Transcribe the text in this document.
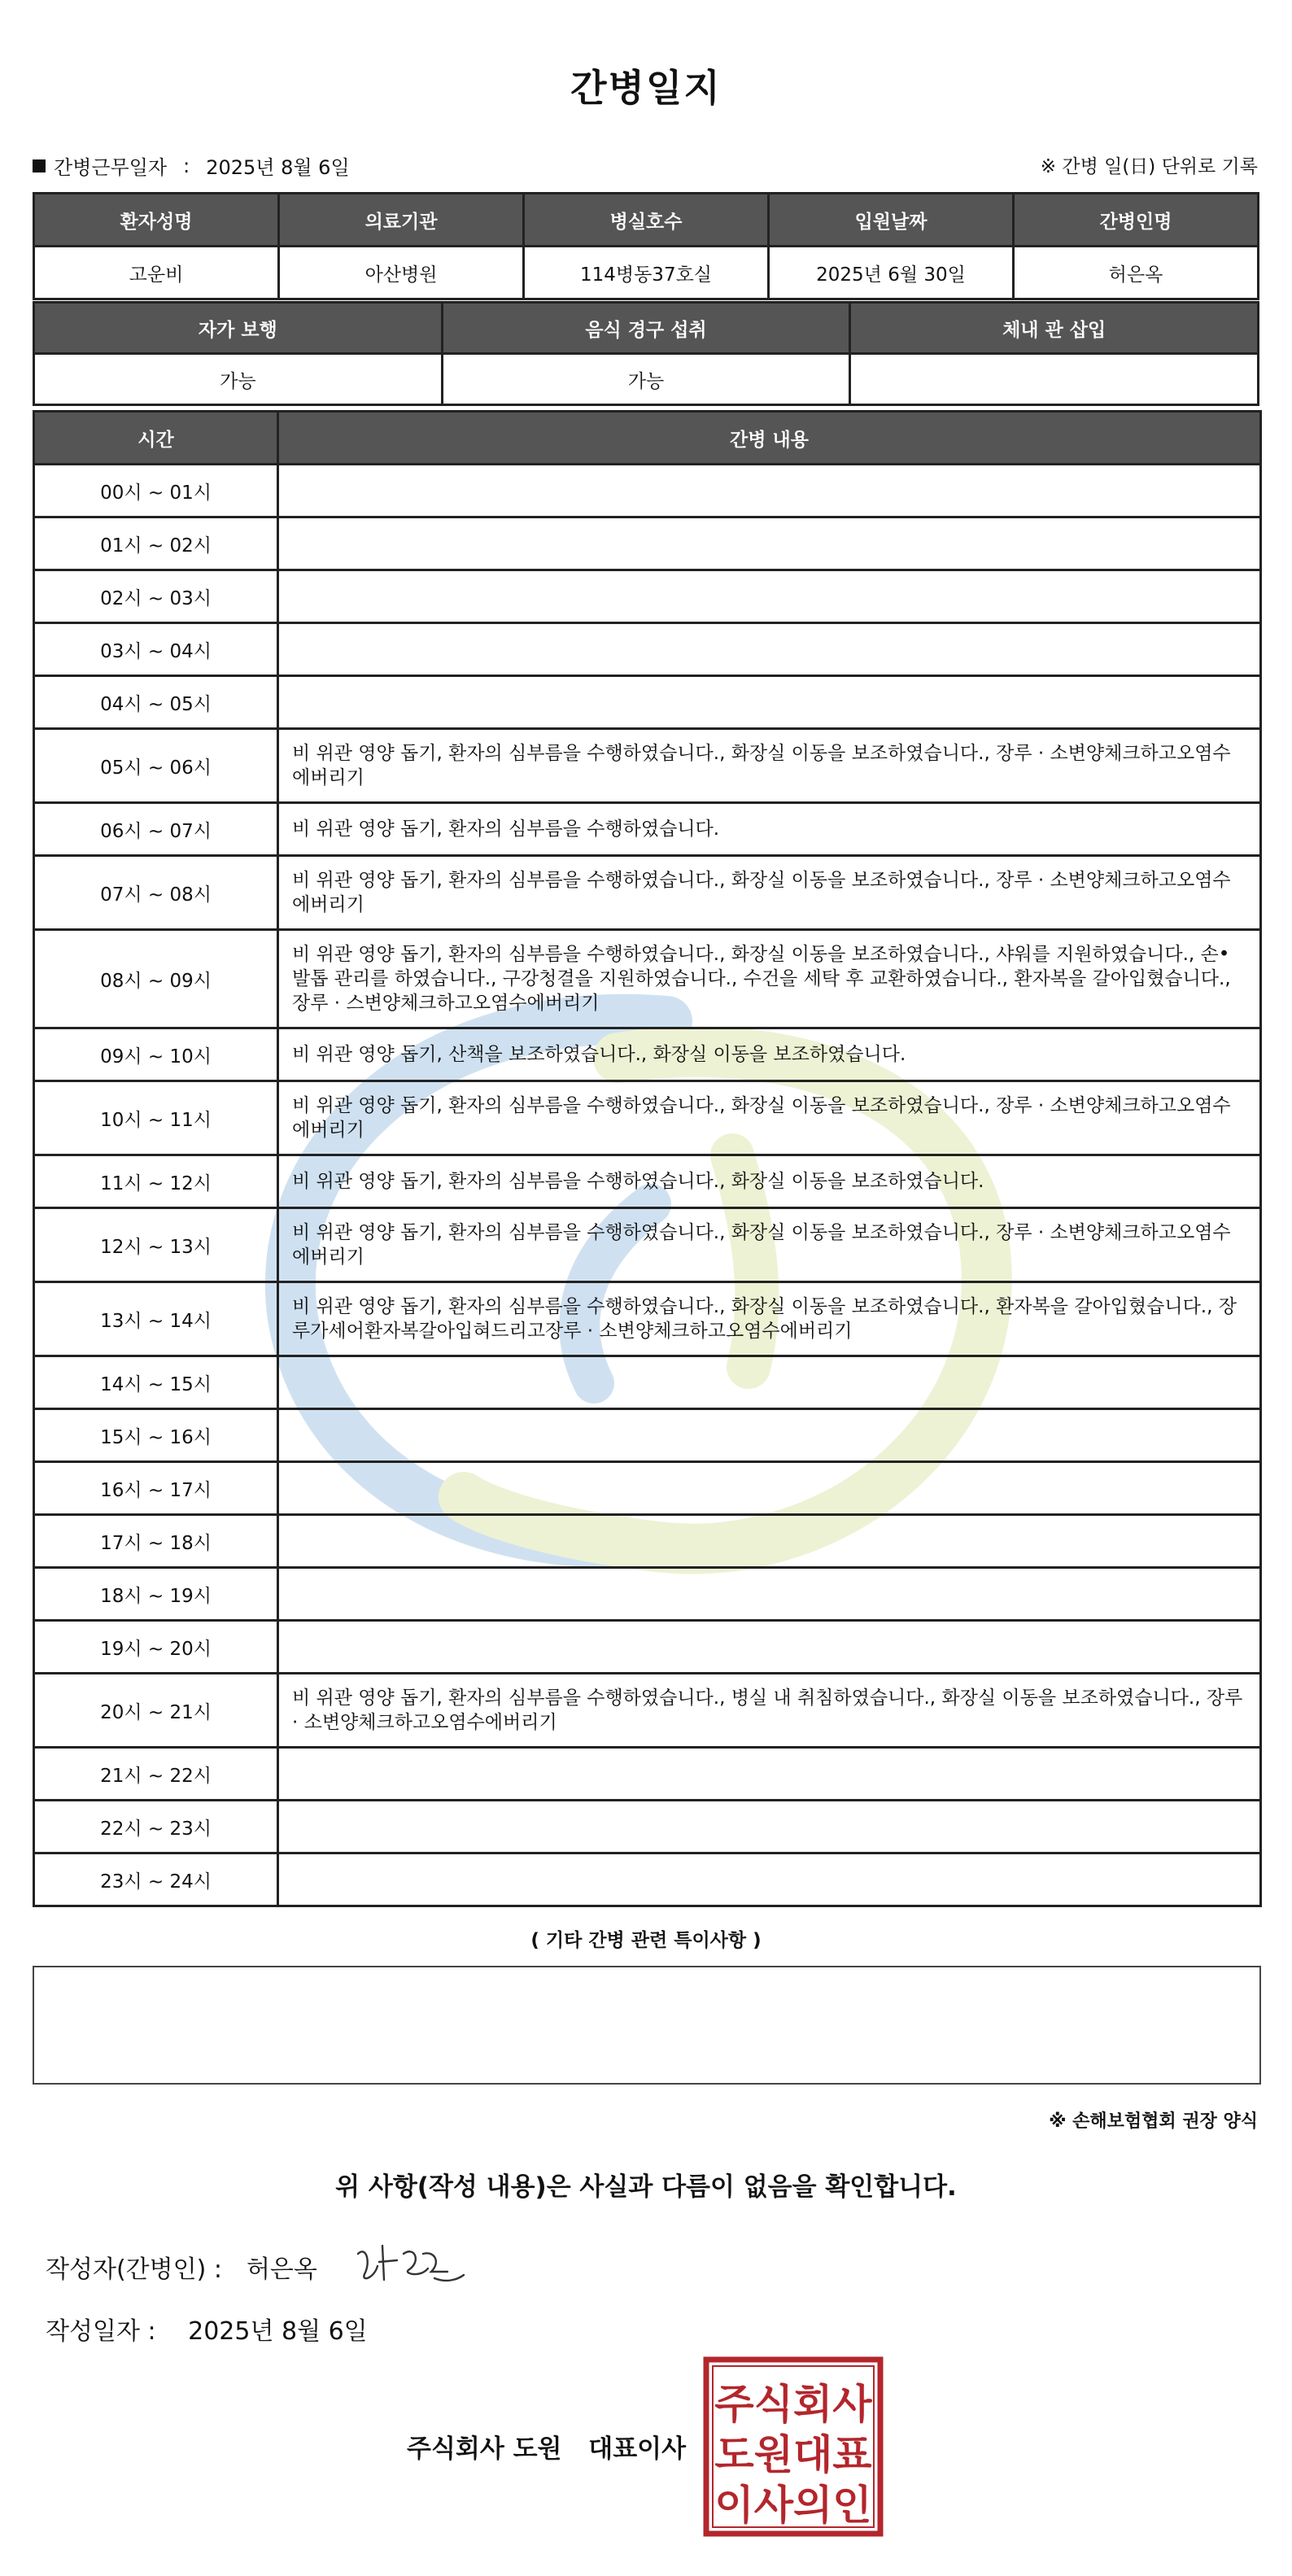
간병일지
간병근무일자 : 2025년 8월 6일	※ 간병 일(日) 단위로 기록
환자성명	의료기관	병실호수	입원날짜	간병인명
고운비	아산병원	114병동37호실	2025년 6월 30일	허은옥
자가 보행	음식 경구 섭취	체내 관 삽입
가능	가능	
시간	간병 내용
00시 ~ 01시	
01시 ~ 02시	
02시 ~ 03시	
03시 ~ 04시	
04시 ~ 05시	
05시 ~ 06시	비 위관 영양 돕기, 환자의 심부름을 수행하였습니다., 화장실 이동을 보조하였습니다., 장루 · 소변양체크하고오염수에버리기
06시 ~ 07시	비 위관 영양 돕기, 환자의 심부름을 수행하였습니다.
07시 ~ 08시	비 위관 영양 돕기, 환자의 심부름을 수행하였습니다., 화장실 이동을 보조하였습니다., 장루 · 소변양체크하고오염수에버리기
08시 ~ 09시	비 위관 영양 돕기, 환자의 심부름을 수행하였습니다., 화장실 이동을 보조하였습니다., 샤워를 지원하였습니다., 손•발톱 관리를 하였습니다., 구강청결을 지원하였습니다., 수건을 세탁 후 교환하였습니다., 환자복을 갈아입혔습니다., 장루 · 스변양체크하고오염수에버리기
09시 ~ 10시	비 위관 영양 돕기, 산책을 보조하였습니다., 화장실 이동을 보조하였습니다.
10시 ~ 11시	비 위관 영양 돕기, 환자의 심부름을 수행하였습니다., 화장실 이동을 보조하였습니다., 장루 · 소변양체크하고오염수에버리기
11시 ~ 12시	비 위관 영양 돕기, 환자의 심부름을 수행하였습니다., 화장실 이동을 보조하였습니다.
12시 ~ 13시	비 위관 영양 돕기, 환자의 심부름을 수행하였습니다., 화장실 이동을 보조하였습니다., 장루 · 소변양체크하고오염수에버리기
13시 ~ 14시	비 위관 영양 돕기, 환자의 심부름을 수행하였습니다., 화장실 이동을 보조하였습니다., 환자복을 갈아입혔습니다., 장루가세어환자복갈아입혀드리고장루 · 소변양체크하고오염수에버리기
14시 ~ 15시	
15시 ~ 16시	
16시 ~ 17시	
17시 ~ 18시	
18시 ~ 19시	
19시 ~ 20시	
20시 ~ 21시	비 위관 영양 돕기, 환자의 심부름을 수행하였습니다., 병실 내 취침하였습니다., 화장실 이동을 보조하였습니다., 장루 · 소변양체크하고오염수에버리기
21시 ~ 22시	
22시 ~ 23시	
23시 ~ 24시	
( 기타 간병 관련 특이사항 )
※ 손해보험협회 권장 양식
위 사항(작성 내용)은 사실과 다름이 없음을 확인합니다.
작성자(간병인) : 허은옥
작성일자 : 2025년 8월 6일
주식회사 도원 대표이사
주식회사
도원대표
이사의인
